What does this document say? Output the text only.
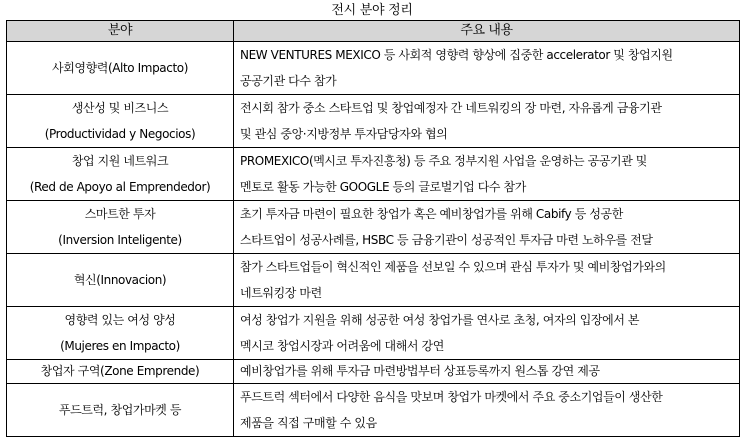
전시 분야 정리
분야	주요 내용

사회영향력(Alto Impacto)	NEW VENTURES MEXICO 등 사회적 영향력 향상에 집중한 accelerator 및 창업지원
공공기관 다수 참가

생산성 및 비즈니스
(Productividad y Negocios)	전시회 참가 중소 스타트업 및 창업예정자 간 네트워킹의 장 마련, 자유롭게 금융기관
및 관심 중앙·지방정부 투자담당자와 협의

창업 지원 네트워크
(Red de Apoyo al Emprendedor)	PROMEXICO(멕시코 투자진흥청) 등 주요 정부지원 사업을 운영하는 공공기관 및
멘토로 활동 가능한 GOOGLE 등의 글로벌기업 다수 참가

스마트한 투자
(Inversion Inteligente)	초기 투자금 마련이 필요한 창업가 혹은 예비창업가를 위해 Cabify 등 성공한
스타트업이 성공사례를, HSBC 등 금융기관이 성공적인 투자금 마련 노하우를 전달

혁신(Innovacion)	참가 스타트업들이 혁신적인 제품을 선보일 수 있으며 관심 투자가 및 예비창업가와의
네트워킹장 마련

영향력 있는 여성 양성
(Mujeres en Impacto)	여성 창업가 지원을 위해 성공한 여성 창업가를 연사로 초청, 여자의 입장에서 본
멕시코 창업시장과 어려움에 대해서 강연

창업자 구역(Zone Emprende)	예비창업가를 위해 투자금 마련방법부터 상표등록까지 원스톱 강연 제공

푸드트럭, 창업가마켓 등	푸드트럭 섹터에서 다양한 음식을 맛보며 창업가 마켓에서 주요 중소기업들이 생산한
제품을 직접 구매할 수 있음
